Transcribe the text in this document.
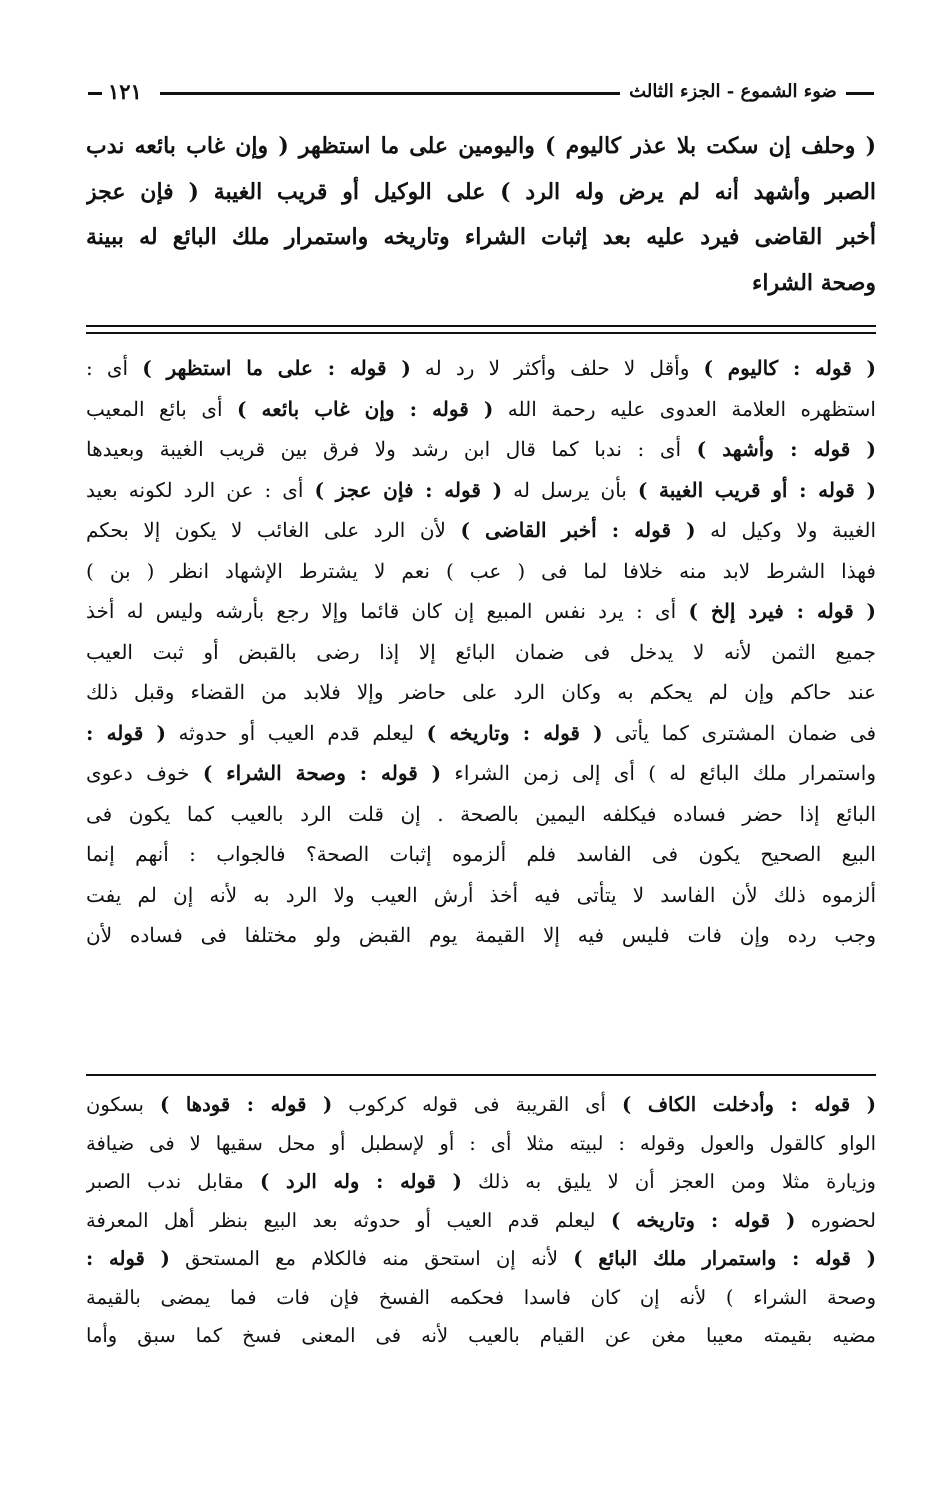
١٢١	ضوء الشموع - الجزء الثالث
( وحلف إن سكت بلا عذر كاليوم ) واليومين على ما استظهر ( وإن غاب بائعه ندب
الصبر وأشهد أنه لم يرض وله الرد ) على الوكيل أو قريب الغيبة ( فإن عجز
أخبر القاضى فيرد عليه بعد إثبات الشراء وتاريخه واستمرار ملك البائع له ببينة
وصحة الشراء
( قوله : كاليوم ) وأقل لا حلف وأكثر لا رد له ( قوله : على ما استظهر ) أى :
استظهره العلامة العدوى عليه رحمة الله ( قوله : وإن غاب بائعه ) أى بائع المعيب
( قوله : وأشهد ) أى : ندبا كما قال ابن رشد ولا فرق بين قريب الغيبة وبعيدها
( قوله : أو قريب الغيبة ) بأن يرسل له ( قوله : فإن عجز ) أى : عن الرد لكونه بعيد
الغيبة ولا وكيل له ( قوله : أخبر القاضى ) لأن الرد على الغائب لا يكون إلا بحكم
فهذا الشرط لابد منه خلافا لما فى ( عب ) نعم لا يشترط الإشهاد انظر ( بن )
( قوله : فيرد إلخ ) أى : يرد نفس المبيع إن كان قائما وإلا رجع بأرشه وليس له أخذ
جميع الثمن لأنه لا يدخل فى ضمان البائع إلا إذا رضى بالقبض أو ثبت العيب
عند حاكم وإن لم يحكم به وكان الرد على حاضر وإلا فلابد من القضاء وقبل ذلك
فى ضمان المشترى كما يأتى ( قوله : وتاريخه ) ليعلم قدم العيب أو حدوثه ( قوله :
واستمرار ملك البائع له ) أى إلى زمن الشراء ( قوله : وصحة الشراء ) خوف دعوى
البائع إذا حضر فساده فيكلفه اليمين بالصحة . إن قلت الرد بالعيب كما يكون فى
البيع الصحيح يكون فى الفاسد فلم ألزموه إثبات الصحة؟ فالجواب : أنهم إنما
ألزموه ذلك لأن الفاسد لا يتأتى فيه أخذ أرش العيب ولا الرد به لأنه إن لم يفت
وجب رده وإن فات فليس فيه إلا القيمة يوم القبض ولو مختلفا فى فساده لأن
( قوله : وأدخلت الكاف ) أى القريبة فى قوله كركوب ( قوله : قودها ) بسكون
الواو كالقول والعول وقوله : لبيته مثلا أى : أو لإسطبل أو محل سقيها لا فى ضيافة
وزيارة مثلا ومن العجز أن لا يليق به ذلك ( قوله : وله الرد ) مقابل ندب الصبر
لحضوره ( قوله : وتاريخه ) ليعلم قدم العيب أو حدوثه بعد البيع بنظر أهل المعرفة
( قوله : واستمرار ملك البائع ) لأنه إن استحق منه فالكلام مع المستحق ( قوله :
وصحة الشراء ) لأنه إن كان فاسدا فحكمه الفسخ فإن فات فما يمضى بالقيمة
مضيه بقيمته معيبا مغن عن القيام بالعيب لأنه فى المعنى فسخ كما سبق وأما
